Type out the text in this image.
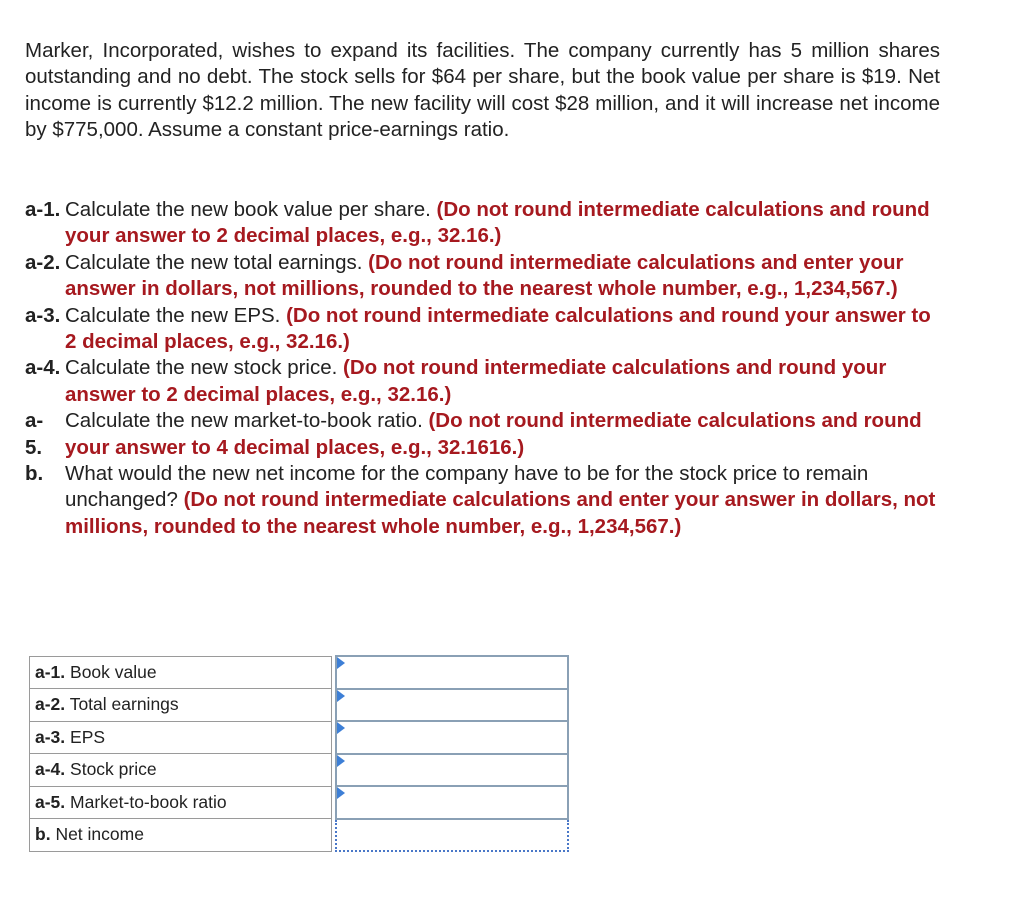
Marker, Incorporated, wishes to expand its facilities. The company currently has 5 million shares outstanding and no debt. The stock sells for $64 per share, but the book value per share is $19. Net income is currently $12.2 million. The new facility will cost $28 million, and it will increase net income by $775,000. Assume a constant price-earnings ratio.

a-1. Calculate the new book value per share. (Do not round intermediate calculations and round your answer to 2 decimal places, e.g., 32.16.)
a-2. Calculate the new total earnings. (Do not round intermediate calculations and enter your answer in dollars, not millions, rounded to the nearest whole number, e.g., 1,234,567.)
a-3. Calculate the new EPS. (Do not round intermediate calculations and round your answer to 2 decimal places, e.g., 32.16.)
a-4. Calculate the new stock price. (Do not round intermediate calculations and round your answer to 2 decimal places, e.g., 32.16.)
a-
5.
Calculate the new market-to-book ratio. (Do not round intermediate calculations and round your answer to 4 decimal places, e.g., 32.1616.)
b.	What would the new net income for the company have to be for the stock price to remain unchanged? (Do not round intermediate calculations and enter your answer in dollars, not millions, rounded to the nearest whole number, e.g., 1,234,567.)
a-1. Book value		

a-2. Total earnings		

a-3. EPS		

a-4. Stock price		

a-5. Market-to-book ratio		

b. Net income		
